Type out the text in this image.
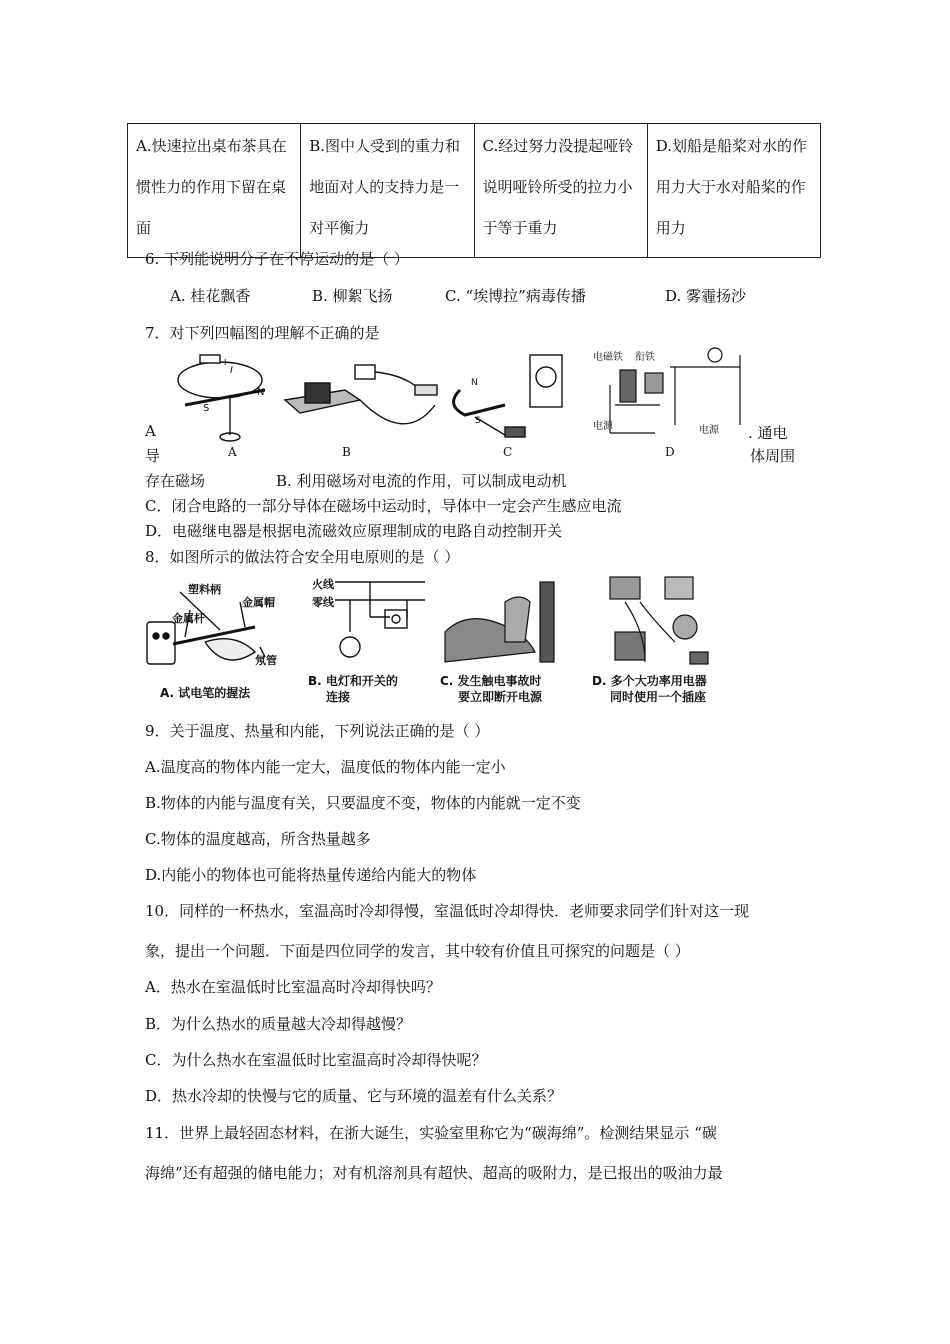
A.快速拉出桌布茶具在惯性力的作用下留在桌面	B.图中人受到的重力和地面对人的支持力是一对平衡力	C.经过努力没提起哑铃说明哑铃所受的拉力小于等于重力	D.划船是船桨对水的作用力大于水对船桨的作用力
6. 下列能说明分子在不停运动的是（ ）
A. 桂花飘香	B. 柳絮飞扬	C. “埃博拉”病毒传播	D. 雾霾扬沙
7．对下列四幅图的理解不正确的是
+
I
S
N
N
S
电磁铁 衔铁
电源	电源
A	B	C	D
A
导
. 通电
体周围
存在磁场	B. 利用磁场对电流的作用，可以制成电动机
C．闭合电路的一部分导体在磁场中运动时，导体中一定会产生感应电流
D．电磁继电器是根据电流磁效应原理制成的电路自动控制开关
8．如图所示的做法符合安全用电原则的是（ ）
塑料柄
金属帽
金属杆
氖管
火线
零线
A. 试电笔的握法
B. 电灯和开关的
连接
C. 发生触电事故时
要立即断开电源
D. 多个大功率用电器
同时使用一个插座
9．关于温度、热量和内能，下列说法正确的是（ ）
A.温度高的物体内能一定大，温度低的物体内能一定小
B.物体的内能与温度有关，只要温度不变，物体的内能就一定不变
C.物体的温度越高，所含热量越多
D.内能小的物体也可能将热量传递给内能大的物体
10．同样的一杯热水，室温高时冷却得慢，室温低时冷却得快．老师要求同学们针对这一现
象，提出一个问题．下面是四位同学的发言，其中较有价值且可探究的问题是（ ）
A．热水在室温低时比室温高时冷却得快吗？
B．为什么热水的质量越大冷却得越慢？
C．为什么热水在室温低时比室温高时冷却得快呢？
D．热水冷却的快慢与它的质量、它与环境的温差有什么关系？
11．世界上最轻固态材料，在浙大诞生，实验室里称它为“碳海绵”。检测结果显示 “碳
海绵”还有超强的储电能力；对有机溶剂具有超快、超高的吸附力，是已报出的吸油力最
